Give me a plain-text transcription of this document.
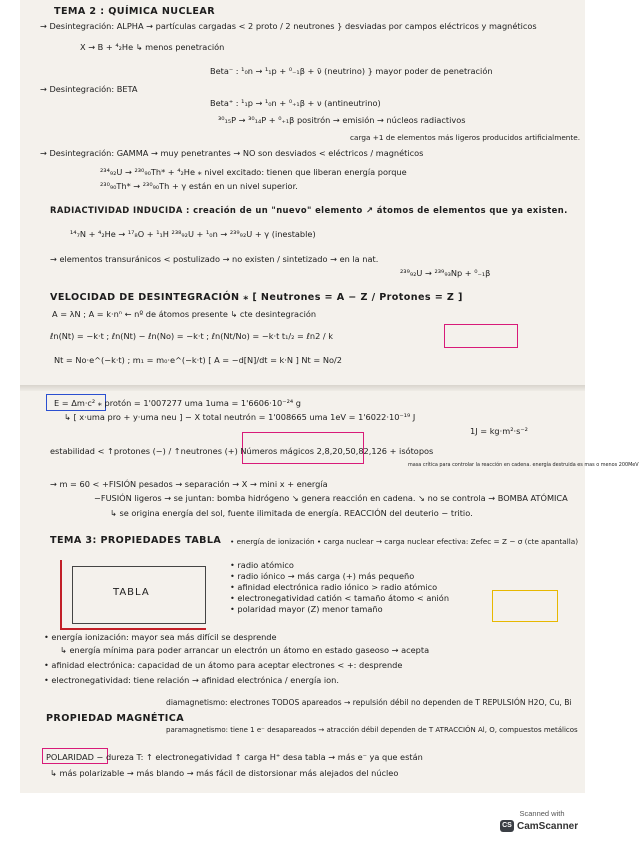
TABLA
TEMA 2 : QUÍMICA NUCLEAR
→ Desintegración: ALPHA → partículas cargadas < 2 proto / 2 neutrones } desviadas por campos eléctricos y magnéticos
X → B + ⁴₂He ↳ menos penetración
Beta⁻ : ¹₀n → ¹₁p + ⁰₋₁β + ν̄ (neutrino) } mayor poder de penetración
→ Desintegración: BETA
Beta⁺ : ¹₁p → ¹₀n + ⁰₊₁β + ν (antineutrino)
³⁰₁₅P → ³⁰₁₄P + ⁰₊₁β positrón → emisión → núcleos radiactivos
carga +1 de elementos más ligeros producidos artificialmente.
→ Desintegración: GAMMA → muy penetrantes → NO son desviados < eléctricos / magnéticos
²³⁴₉₂U → ²³⁰₉₀Th* + ⁴₂He ⁎ nivel excitado: tienen que liberan energía porque
²³⁰₉₀Th* → ²³⁰₉₀Th + γ están en un nivel superior.
RADIACTIVIDAD INDUCIDA : creación de un "nuevo" elemento ↗ átomos de elementos que ya existen.
¹⁴₇N + ⁴₂He → ¹⁷₈O + ¹₁H ²³⁸₉₂U + ¹₀n → ²³⁹₉₂U + γ (inestable)
→ elementos transuránicos < postulizado → no existen / sintetizado → en la nat.
²³⁹₉₂U → ²³⁹₉₃Np + ⁰₋₁β
VELOCIDAD DE DESINTEGRACIÓN ⁎ [ Neutrones = A − Z / Protones = Z ]
A = λN ; A = k·nⁿ ← nº de átomos presente ↳ cte desintegración
ℓn(Nt) = −k·t ; ℓn(Nt) − ℓn(No) = −k·t ; ℓn(Nt/No) = −k·t t₁/₂ = ℓn2 / k
Nt = No·e^(−k·t) ; m₁ = m₀·e^(−k·t) [ A = −d[N]/dt = k·N ] Nt = No/2
E = Δm·c² ⁎ protón = 1'007277 uma 1uma = 1'6606·10⁻²⁴ g
↳ [ x·uma pro + y·uma neu ] − X total neutrón = 1'008665 uma 1eV = 1'6022·10⁻¹⁹ J
1J = kg·m²·s⁻²
estabilidad < ↑protones (−) / ↑neutrones (+) Números mágicos 2,8,20,50,82,126 + isótopos
masa crítica para controlar la reacción en cadena. energía destruida es mas o menos 200MeV
→ m = 60 < +FISIÓN pesados → separación → X → mini x + energía
−FUSIÓN ligeros → se juntan: bomba hidrógeno ↘ genera reacción en cadena. ↘ no se controla → BOMBA ATÓMICA
↳ se origina energía del sol, fuente ilimitada de energía. REACCIÓN del deuterio − tritio.
TEMA 3: PROPIEDADES TABLA • energía de ionización • carga nuclear → carga nuclear efectiva: Zefec = Z − σ (cte apantalla)
• radio atómico
• radio iónico → más carga (+) más pequeño
• afinidad electrónica radio iónico > radio atómico
• electronegatividad catión < tamaño átomo < anión
• polaridad mayor (Z) menor tamaño
• energía ionización: mayor sea más difícil se desprende
↳ energía mínima para poder arrancar un electrón un átomo en estado gaseoso → acepta
• afinidad electrónica: capacidad de un átomo para aceptar electrones < +: desprende
• electronegatividad: tiene relación → afinidad electrónica / energía ion.
diamagnetismo: electrones TODOS apareados → repulsión débil no dependen de T REPULSIÓN H2O, Cu, Bi
PROPIEDAD MAGNÉTICA
paramagnetismo: tiene 1 e⁻ desapareados → atracción débil dependen de T ATRACCIÓN Al, O, compuestos metálicos
POLARIDAD − dureza T: ↑ electronegatividad ↑ carga H⁺ desa tabla → más e⁻ ya que están
↳ más polarizable → más blando → más fácil de distorsionar más alejados del núcleo
Scanned with
CS CamScanner
